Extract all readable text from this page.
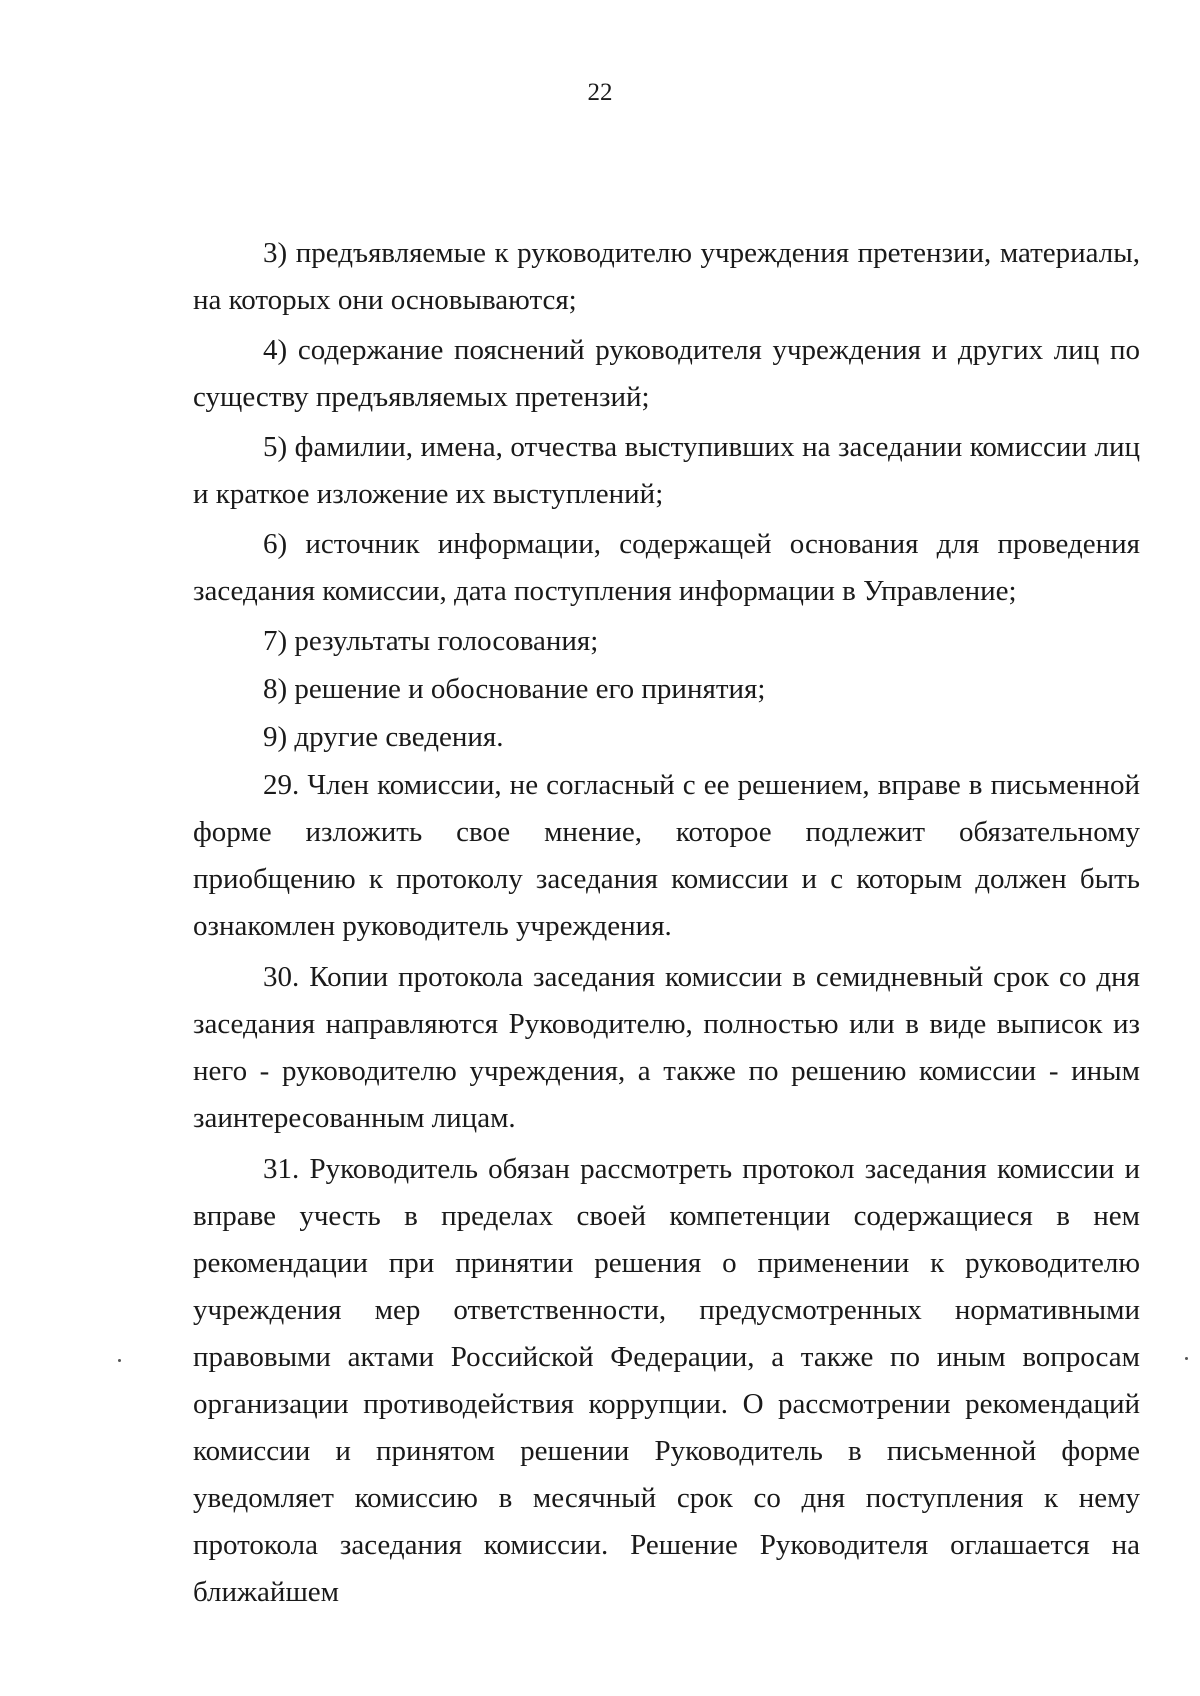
22

3) предъявляемые к руководителю учреждения претензии, материалы, на которых они основываются;

4) содержание пояснений руководителя учреждения и других лиц по существу предъявляемых претензий;

5) фамилии, имена, отчества выступивших на заседании комиссии лиц и краткое изложение их выступлений;

6) источник информации, содержащей основания для проведения заседания комиссии, дата поступления информации в Управление;

7) результаты голосования;

8) решение и обоснование его принятия;

9) другие сведения.

29. Член комиссии, не согласный с ее решением, вправе в письменной форме изложить свое мнение, которое подлежит обязательному приобщению к протоколу заседания комиссии и с которым должен быть ознакомлен руководитель учреждения.

30. Копии протокола заседания комиссии в семидневный срок со дня заседания направляются Руководителю, полностью или в виде выписок из него - руководителю учреждения, а также по решению комиссии - иным заинтересованным лицам.

31. Руководитель обязан рассмотреть протокол заседания комиссии и вправе учесть в пределах своей компетенции содержащиеся в нем рекомендации при принятии решения о применении к руководителю учреждения мер ответственности, предусмотренных нормативными правовыми актами Российской Федерации, а также по иным вопросам организации противодействия коррупции. О рассмотрении рекомендаций комиссии и принятом решении Руководитель в письменной форме уведомляет комиссию в месячный срок со дня поступления к нему протокола заседания комиссии. Решение Руководителя оглашается на ближайшем
